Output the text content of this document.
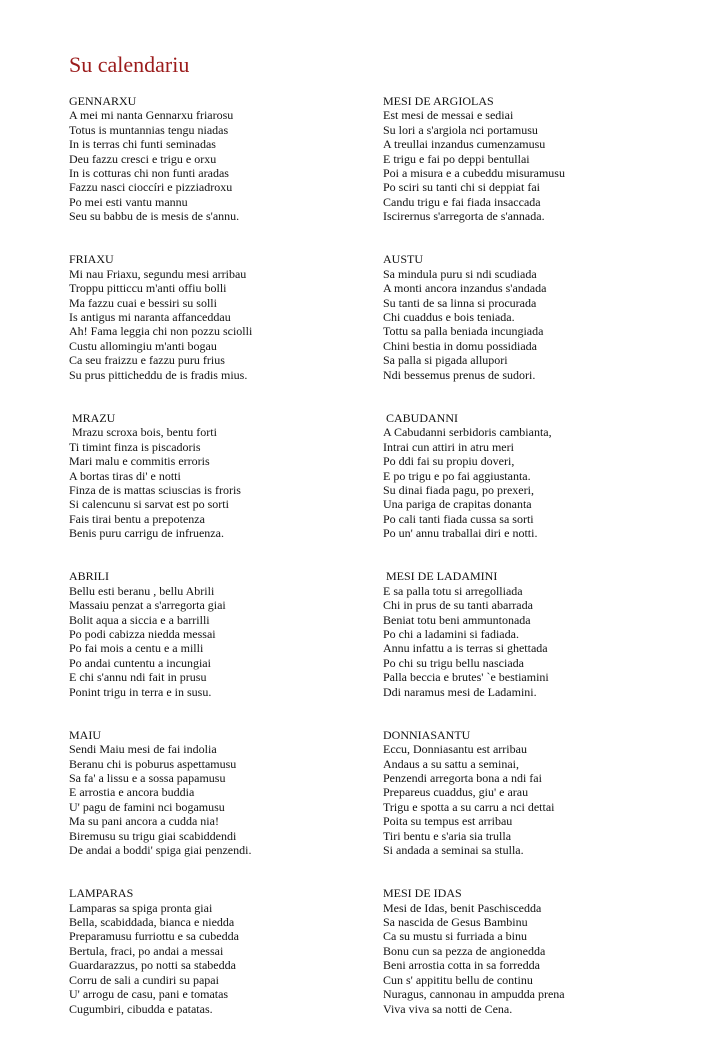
Su calendariu

GENNARXU

A mei mi nanta Gennarxu friarosu

Totus is muntannias tengu niadas

In is terras chi funti seminadas

Deu fazzu cresci e trigu e orxu

In is cotturas chi non funti aradas

Fazzu nasci cioccíri e pizziadroxu

Po mei esti vantu mannu

Seu su babbu de is mesis de s'annu.

FRIAXU

Mi nau Friaxu, segundu mesi arribau

Troppu pitticcu m'anti offiu bolli

Ma fazzu cuai e bessiri su solli

Is antigus mi naranta affanceddau

Ah! Fama leggia chi non pozzu sciolli

Custu allomingiu m'anti bogau

Ca seu fraizzu e fazzu puru frius

Su prus pitticheddu de is fradis mius.

MRAZU

Mrazu scroxa bois, bentu forti

Ti timint finza is piscadoris

Mari malu e commitis erroris

A bortas tiras di' e notti

Finza de is mattas sciuscias is froris

Si calencunu si sarvat est po sorti

Fais tirai bentu a prepotenza

Benis puru carrigu de infruenza.

ABRILI

Bellu esti beranu , bellu Abrili

Massaiu penzat a s'arregorta giai

Bolit aqua a siccia e a barrilli

Po podi cabizza niedda messai

Po fai mois a centu e a milli

Po andai cuntentu a incungiai

E chi s'annu ndi fait in prusu

Ponint trigu in terra e in susu.

MAIU

Sendi Maiu mesi de fai indolia

Beranu chi is poburus aspettamusu

Sa fa' a lissu e a sossa papamusu

E arrostia e ancora buddia

U' pagu de famini nci bogamusu

Ma su pani ancora a cudda nia!

Biremusu su trigu giai scabiddendi

De andai a boddi' spiga giai penzendi.

LAMPARAS

Lamparas sa spiga pronta giai

Bella, scabiddada, bianca e niedda

Preparamusu furriottu e sa cubedda

Bertula, fraci, po andai a messai

Guardarazzus, po notti sa stabedda

Corru de sali a cundiri su papai

U' arrogu de casu, pani e tomatas

Cugumbiri, cibudda e patatas.

MESI DE ARGIOLAS

Est mesi de messai e sediai

Su lori a s'argiola nci portamusu

A treullai inzandus cumenzamusu

E trigu e fai po deppi bentullai

Poi a misura e a cubeddu misuramusu

Po sciri su tanti chi si deppiat fai

Candu trigu e fai fiada insaccada

Iscirernus s'arregorta de s'annada.

AUSTU

Sa mindula puru si ndi scudiada

A monti ancora inzandus s'andada

Su tanti de sa linna si procurada

Chi cuaddus e bois teniada.

Tottu sa palla beniada incungiada

Chini bestia in domu possidiada

Sa palla si pigada allupori

Ndi bessemus prenus de sudori.

CABUDANNI

A Cabudanni serbidoris cambianta,

Intrai cun attiri in atru meri

Po ddi fai su propiu doveri,

E po trigu e po fai aggiustanta.

Su dinai fiada pagu, po prexeri,

Una pariga de crapitas donanta

Po cali tanti fiada cussa sa sorti

Po un' annu traballai diri e notti.

MESI DE LADAMINI

E sa palla totu si arregolliada

Chi in prus de su tanti abarrada

Beniat totu beni ammuntonada

Po chi a ladamini si fadiada.

Annu infattu a is terras si ghettada

Po chi su trigu bellu nasciada

Palla beccia e brutes' `e bestiamini

Ddi naramus mesi de Ladamini.

DONNIASANTU

Eccu, Donniasantu est arribau

Andaus a su sattu a seminai,

Penzendi arregorta bona a ndi fai

Prepareus cuaddus, giu' e arau

Trigu e spotta a su carru a nci dettai

Poita su tempus est arribau

Tiri bentu e s'aria sia trulla

Si andada a seminai sa stulla.

MESI DE IDAS

Mesi de Idas, benit Paschiscedda

Sa nascida de Gesus Bambinu

Ca su mustu si furriada a binu

Bonu cun sa pezza de angionedda

Beni arrostia cotta in sa forredda

Cun s' appititu bellu de continu

Nuragus, cannonau in ampudda prena

Viva viva sa notti de Cena.
